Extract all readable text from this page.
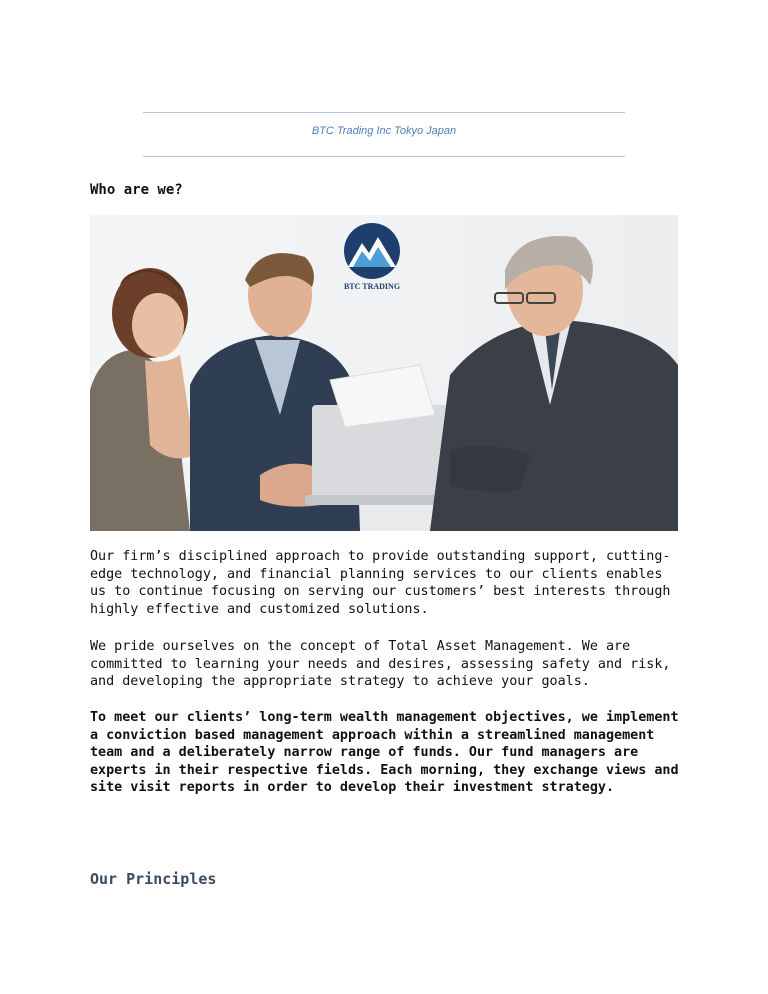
BTC Trading Inc Tokyo Japan
Who are we?
BTC TRADING

Our firm’s disciplined approach to provide outstanding support, cutting-edge technology, and financial planning services to our clients enables us to continue focusing on serving our customers’ best interests through highly effective and customized solutions.

We pride ourselves on the concept of Total Asset Management. We are committed to learning your needs and desires, assessing safety and risk, and developing the appropriate strategy to achieve your goals.

To meet our clients’ long-term wealth management objectives, we implement a conviction based management approach within a streamlined management team and a deliberately narrow range of funds. Our fund managers are experts in their respective fields. Each morning, they exchange views and site visit reports in order to develop their investment strategy.

Our Principles
